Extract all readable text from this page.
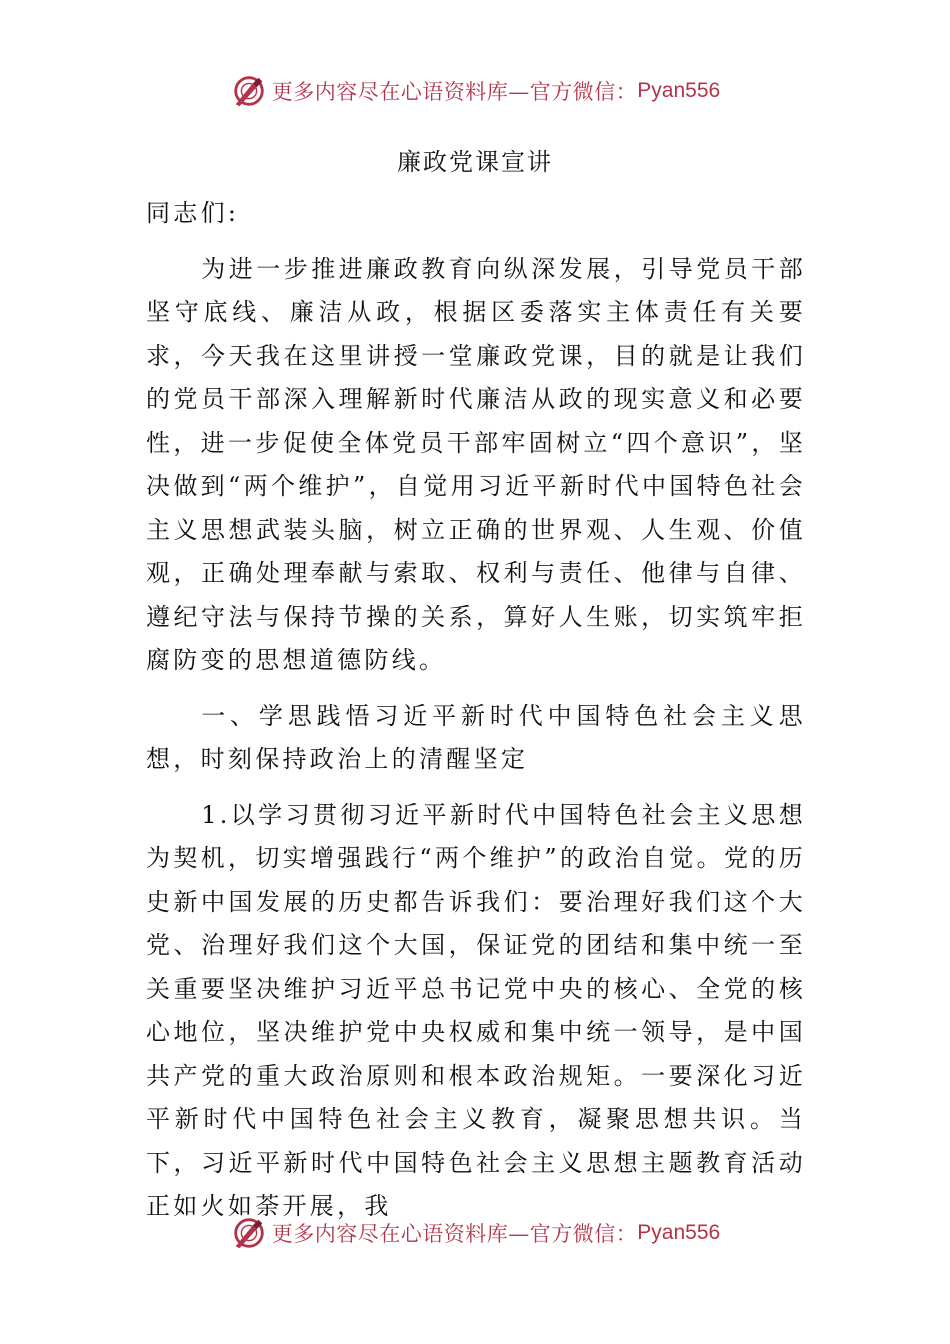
更多内容尽在心语资料库—官方微信： Pyan556
廉政党课宣讲

同志们:

为进一步推进廉政教育向纵深发展，引导党员干部坚守底线、廉洁从政，根据区委落实主体责任有关要求，今天我在这里讲授一堂廉政党课，目的就是让我们的党员干部深入理解新时代廉洁从政的现实意义和必要性，进一步促使全体党员干部牢固树立“四个意识”，坚决做到“两个维护”，自觉用习近平新时代中国特色社会主义思想武装头脑，树立正确的世界观、人生观、价值观，正确处理奉献与索取、权利与责任、他律与自律、遵纪守法与保持节操的关系，算好人生账，切实筑牢拒腐防变的思想道德防线。

一、学思践悟习近平新时代中国特色社会主义思想，时刻保持政治上的清醒坚定

1.以学习贯彻习近平新时代中国特色社会主义思想为契机，切实增强践行“两个维护”的政治自觉。党的历史新中国发展的历史都告诉我们：要治理好我们这个大党、治理好我们这个大国，保证党的团结和集中统一至关重要坚决维护习近平总书记党中央的核心、全党的核心地位，坚决维护党中央权威和集中统一领导，是中国共产党的重大政治原则和根本政治规矩。一要深化习近平新时代中国特色社会主义教育，凝聚思想共识。当下，习近平新时代中国特色社会主义思想主题教育活动正如火如荼开展，我

更多内容尽在心语资料库—官方微信： Pyan556
